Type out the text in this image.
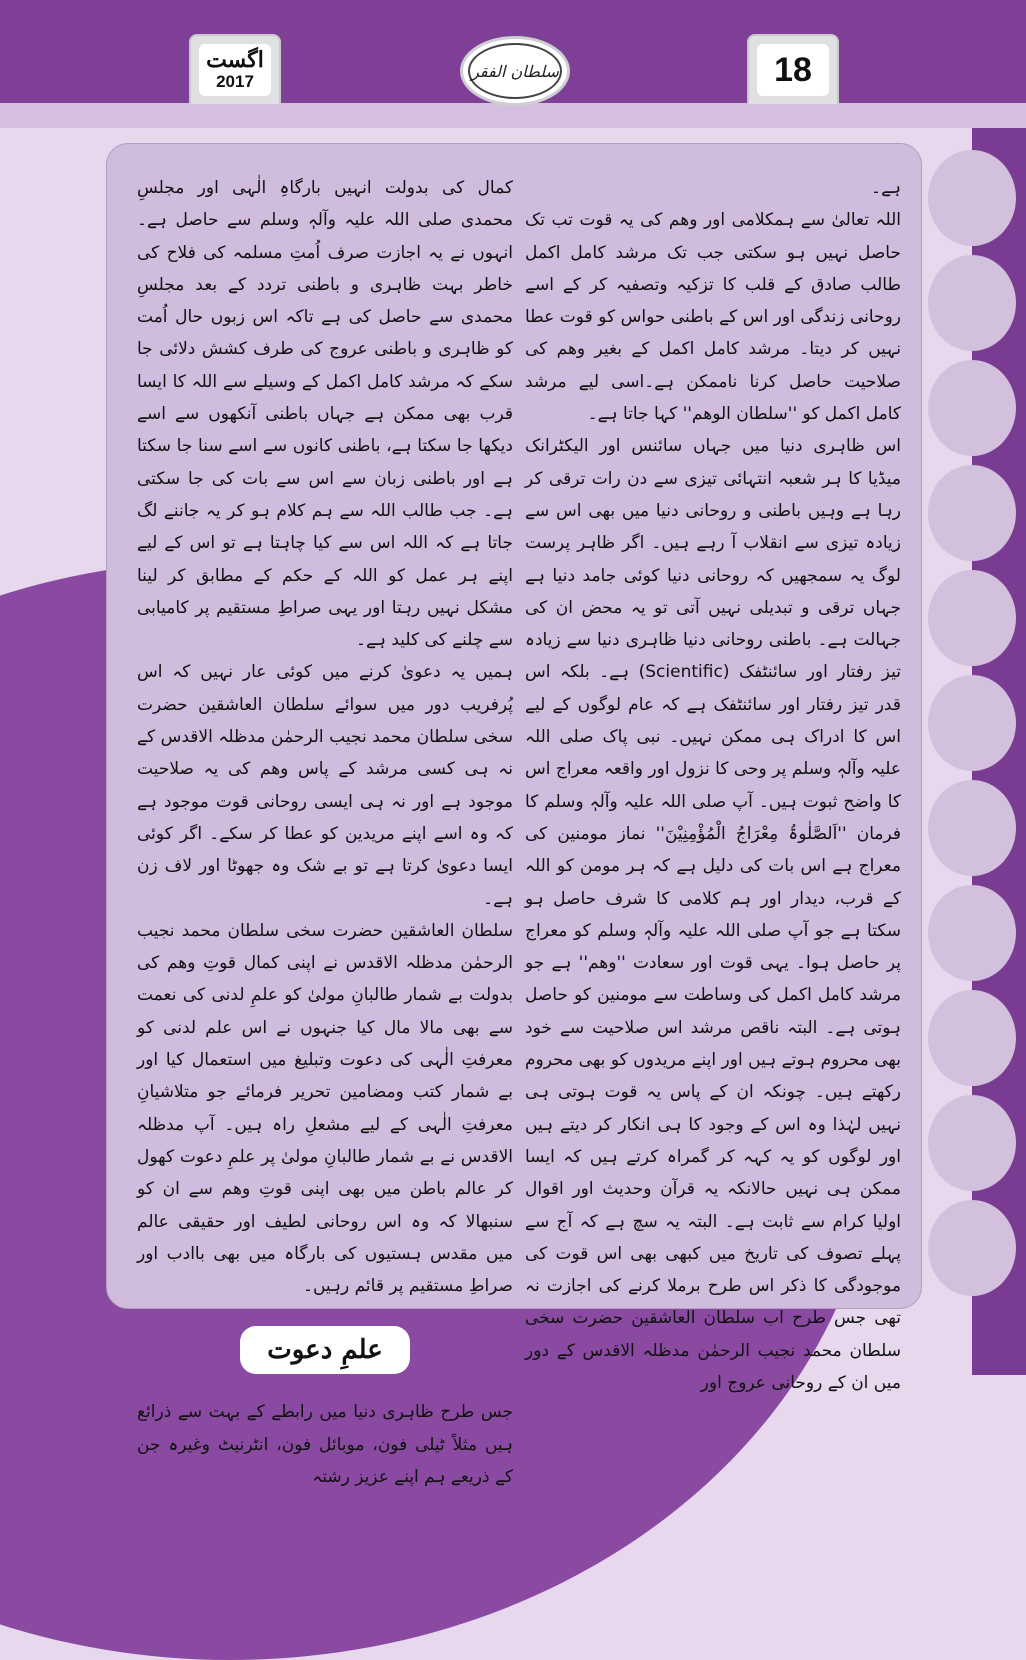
اگست
2017
سلطان الفقر	18

ہے۔

اللہ تعالیٰ سے ہمکلامی اور وھم کی یہ قوت تب تک حاصل نہیں ہو سکتی جب تک مرشد کامل اکمل طالب صادق کے قلب کا تزکیہ وتصفیہ کر کے اسے روحانی زندگی اور اس کے باطنی حواس کو قوت عطا نہیں کر دیتا۔ مرشد کامل اکمل کے بغیر وھم کی صلاحیت حاصل کرنا ناممکن ہے۔اسی لیے مرشد کامل اکمل کو ''سلطان الوھم'' کہا جاتا ہے۔

اس ظاہری دنیا میں جہاں سائنس اور الیکٹرانک میڈیا کا ہر شعبہ انتہائی تیزی سے دن رات ترقی کر رہا ہے وہیں باطنی و روحانی دنیا میں بھی اس سے زیادہ تیزی سے انقلاب آ رہے ہیں۔ اگر ظاہر پرست لوگ یہ سمجھیں کہ روحانی دنیا کوئی جامد دنیا ہے جہاں ترقی و تبدیلی نہیں آتی تو یہ محض ان کی جہالت ہے۔ باطنی روحانی دنیا ظاہری دنیا سے زیادہ تیز رفتار اور سائنٹفک (Scientific) ہے۔ بلکہ اس قدر تیز رفتار اور سائنٹفک ہے کہ عام لوگوں کے لیے اس کا ادراک ہی ممکن نہیں۔ نبی پاک صلی اللہ علیہ وآلہٖ وسلم پر وحی کا نزول اور واقعہ معراج اس کا واضح ثبوت ہیں۔ آپ صلی اللہ علیہ وآلہٖ وسلم کا فرمان ''اَلصَّلٰوۃُ مِعْرَاجُ الْمُؤْمِنِیْنَ'' نماز مومنین کی معراج ہے اس بات کی دلیل ہے کہ ہر مومن کو اللہ کے قرب، دیدار اور ہم کلامی کا شرف حاصل ہو سکتا ہے جو آپ صلی اللہ علیہ وآلہٖ وسلم کو معراج پر حاصل ہوا۔ یہی قوت اور سعادت ''وھم'' ہے جو مرشد کامل اکمل کی وساطت سے مومنین کو حاصل ہوتی ہے۔ البتہ ناقص مرشد اس صلاحیت سے خود بھی محروم ہوتے ہیں اور اپنے مریدوں کو بھی محروم رکھتے ہیں۔ چونکہ ان کے پاس یہ قوت ہوتی ہی نہیں لہٰذا وہ اس کے وجود کا ہی انکار کر دیتے ہیں اور لوگوں کو یہ کہہ کر گمراہ کرتے ہیں کہ ایسا ممکن ہی نہیں حالانکہ یہ قرآن وحدیث اور اقوال اولیا کرام سے ثابت ہے۔ البتہ یہ سچ ہے کہ آج سے پہلے تصوف کی تاریخ میں کبھی بھی اس قوت کی موجودگی کا ذکر اس طرح برملا کرنے کی اجازت نہ تھی جس طرح اب سلطان العاشقین حضرت سخی سلطان محمد نجیب الرحمٰن مدظلہ الاقدس کے دور میں ان کے روحانی عروج اور

کمال کی بدولت انہیں بارگاہِ الٰہی اور مجلسِ محمدی صلی اللہ علیہ وآلہٖ وسلم سے حاصل ہے۔ انہوں نے یہ اجازت صرف اُمتِ مسلمہ کی فلاح کی خاطر بہت ظاہری و باطنی تردد کے بعد مجلسِ محمدی سے حاصل کی ہے تاکہ اس زبوں حال اُمت کو ظاہری و باطنی عروج کی طرف کشش دلائی جا سکے کہ مرشد کامل اکمل کے وسیلے سے اللہ کا ایسا قرب بھی ممکن ہے جہاں باطنی آنکھوں سے اسے دیکھا جا سکتا ہے، باطنی کانوں سے اسے سنا جا سکتا ہے اور باطنی زبان سے اس سے بات کی جا سکتی ہے۔ جب طالب اللہ سے ہم کلام ہو کر یہ جاننے لگ جاتا ہے کہ اللہ اس سے کیا چاہتا ہے تو اس کے لیے اپنے ہر عمل کو اللہ کے حکم کے مطابق کر لینا مشکل نہیں رہتا اور یہی صراطِ مستقیم پر کامیابی سے چلنے کی کلید ہے۔

ہمیں یہ دعویٰ کرنے میں کوئی عار نہیں کہ اس پُرفریب دور میں سوائے سلطان العاشقین حضرت سخی سلطان محمد نجیب الرحمٰن مدظلہ الاقدس کے نہ ہی کسی مرشد کے پاس وھم کی یہ صلاحیت موجود ہے اور نہ ہی ایسی روحانی قوت موجود ہے کہ وہ اسے اپنے مریدین کو عطا کر سکے۔ اگر کوئی ایسا دعویٰ کرتا ہے تو بے شک وہ جھوٹا اور لاف زن ہے۔

سلطان العاشقین حضرت سخی سلطان محمد نجیب الرحمٰن مدظلہ الاقدس نے اپنی کمال قوتِ وھم کی بدولت بے شمار طالبانِ مولیٰ کو علمِ لدنی کی نعمت سے بھی مالا مال کیا جنہوں نے اس علم لدنی کو معرفتِ الٰہی کی دعوت وتبلیغ میں استعمال کیا اور بے شمار کتب ومضامین تحریر فرمائے جو متلاشیانِ معرفتِ الٰہی کے لیے مشعلِ راہ ہیں۔ آپ مدظلہ الاقدس نے بے شمار طالبانِ مولیٰ پر علمِ دعوت کھول کر عالم باطن میں بھی اپنی قوتِ وھم سے ان کو سنبھالا کہ وہ اس روحانی لطیف اور حقیقی عالم میں مقدس ہستیوں کی بارگاہ میں بھی باادب اور صراطِ مستقیم پر قائم رہیں۔

علمِ دعوت

جس طرح ظاہری دنیا میں رابطے کے بہت سے ذرائع ہیں مثلاً ٹیلی فون، موبائل فون، انٹرنیٹ وغیرہ جن کے ذریعے ہم اپنے عزیز رشتہ
